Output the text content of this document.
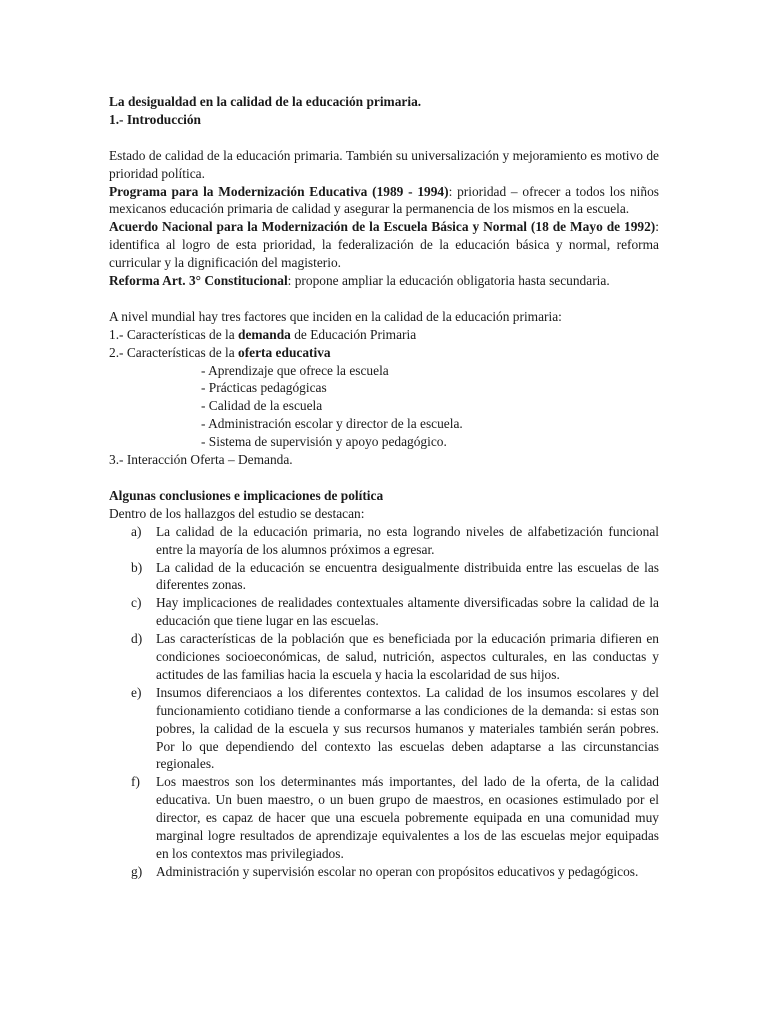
La desigualdad en la calidad de la educación primaria.

1.- Introducción

Estado de calidad de la educación primaria. También su universalización y mejoramiento es motivo de prioridad política.

Programa para la Modernización Educativa (1989 - 1994): prioridad – ofrecer a todos los niños mexicanos educación primaria de calidad y asegurar la permanencia de los mismos en la escuela.

Acuerdo Nacional para la Modernización de la Escuela Básica y Normal (18 de Mayo de 1992): identifica al logro de esta prioridad, la federalización de la educación básica y normal, reforma curricular y la dignificación del magisterio.

Reforma Art. 3° Constitucional: propone ampliar la educación obligatoria hasta secundaria.

A nivel mundial hay tres factores que inciden en la calidad de la educación primaria:

1.- Características de la demanda de Educación Primaria

2.- Características de la oferta educativa

- Aprendizaje que ofrece la escuela

- Prácticas pedagógicas

- Calidad de la escuela

- Administración escolar y director de la escuela.

- Sistema de supervisión y apoyo pedagógico.

3.- Interacción Oferta – Demanda.

Algunas conclusiones e implicaciones de política

Dentro de los hallazgos del estudio se destacan:

a) La calidad de la educación primaria, no esta logrando niveles de alfabetización funcional entre la mayoría de los alumnos próximos a egresar.
b) La calidad de la educación se encuentra desigualmente distribuida entre las escuelas de las diferentes zonas.
c) Hay implicaciones de realidades contextuales altamente diversificadas sobre la calidad de la educación que tiene lugar en las escuelas.
d) Las características de la población que es beneficiada por la educación primaria difieren en condiciones socioeconómicas, de salud, nutrición, aspectos culturales, en las conductas y actitudes de las familias hacia la escuela y hacia la escolaridad de sus hijos.
e) Insumos diferenciaos a los diferentes contextos. La calidad de los insumos escolares y del funcionamiento cotidiano tiende a conformarse a las condiciones de la demanda: si estas son pobres, la calidad de la escuela y sus recursos humanos y materiales también serán pobres. Por lo que dependiendo del contexto las escuelas deben adaptarse a las circunstancias regionales.
f) Los maestros son los determinantes más importantes, del lado de la oferta, de la calidad educativa. Un buen maestro, o un buen grupo de maestros, en ocasiones estimulado por el director, es capaz de hacer que una escuela pobremente equipada en una comunidad muy marginal logre resultados de aprendizaje equivalentes a los de las escuelas mejor equipadas en los contextos mas privilegiados.
g) Administración y supervisión escolar no operan con propósitos educativos y pedagógicos.
